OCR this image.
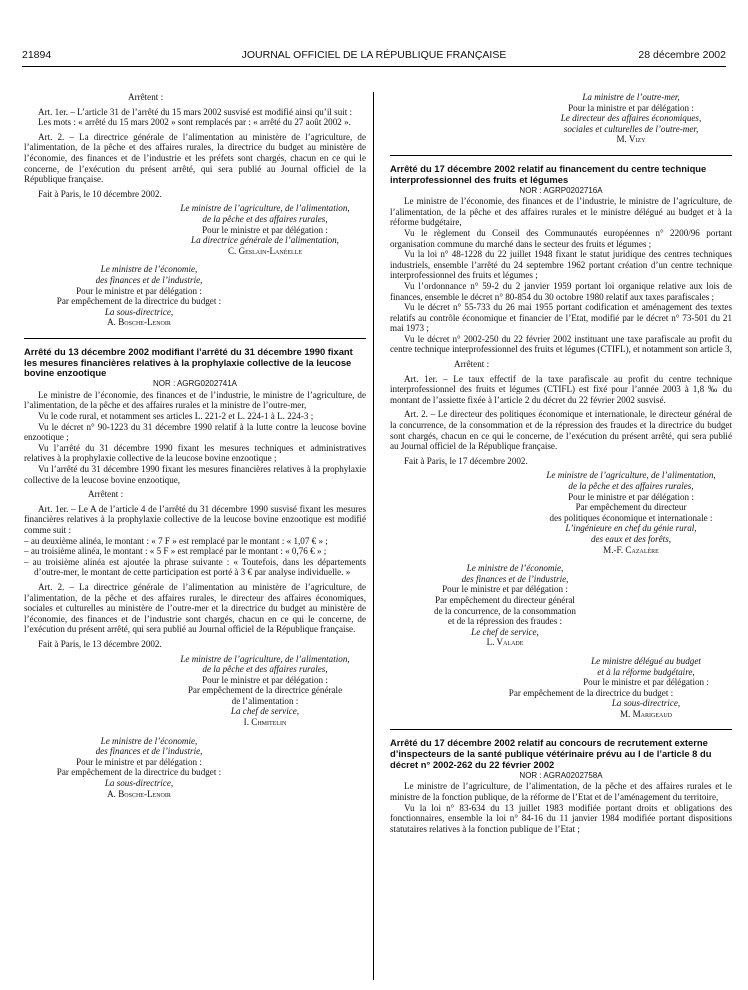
21894	JOURNAL OFFICIEL DE LA RÉPUBLIQUE FRANÇAISE	28 décembre 2002

Arrêtent :

Art. 1er. – L’article 31 de l’arrêté du 15 mars 2002 susvisé est modifié ainsi qu’il suit :

Les mots : « arrêté du 15 mars 2002 » sont remplacés par : « arrêté du 27 août 2002 ».

Art. 2. – La directrice générale de l’alimentation au ministère de l’agriculture, de l’alimentation, de la pêche et des affaires rurales, la directrice du budget au ministère de l’économie, des finances et de l’industrie et les préfets sont chargés, chacun en ce qui le concerne, de l’exécution du présent arrêté, qui sera publié au Journal officiel de la République française.

Fait à Paris, le 10 décembre 2002.

Le ministre de l’agriculture, de l’alimentation,

de la pêche et des affaires rurales,

Pour le ministre et par délégation :

La directrice générale de l’alimentation,

C. Geslain-Lanéelle

Le ministre de l’économie,

des finances et de l’industrie,

Pour le ministre et par délégation :

Par empêchement de la directrice du budget :

La sous-directrice,

A. Bosche-Lenoir

Arrêté du 13 décembre 2002 modifiant l’arrêté du 31 décembre 1990 fixant les mesures financières relatives à la prophylaxie collective de la leucose bovine enzootique

NOR : AGRG0202741A

Le ministre de l’économie, des finances et de l’industrie, le ministre de l’agriculture, de l’alimentation, de la pêche et des affaires rurales et la ministre de l’outre-mer,

Vu le code rural, et notamment ses articles L. 221-2 et L. 224-1 à L. 224-3 ;

Vu le décret n° 90-1223 du 31 décembre 1990 relatif à la lutte contre la leucose bovine enzootique ;

Vu l’arrêté du 31 décembre 1990 fixant les mesures techniques et administratives relatives à la prophylaxie collective de la leucose bovine enzootique ;

Vu l’arrêté du 31 décembre 1990 fixant les mesures financières relatives à la prophylaxie collective de la leucose bovine enzootique,

Arrêtent :

Art. 1er. – Le A de l’article 4 de l’arrêté du 31 décembre 1990 susvisé fixant les mesures financières relatives à la prophylaxie collective de la leucose bovine enzootique est modifié comme suit :

– au deuxième alinéa, le montant : « 7 F » est remplacé par le montant : « 1,07 € » ;

– au troisième alinéa, le montant : « 5 F » est remplacé par le montant : « 0,76 € » ;

– au troisième alinéa est ajoutée la phrase suivante : « Toutefois, dans les départements d’outre-mer, le montant de cette participation est porté à 3 € par analyse individuelle. »

Art. 2. – La directrice générale de l’alimentation au ministère de l’agriculture, de l’alimentation, de la pêche et des affaires rurales, le directeur des affaires économiques, sociales et culturelles au ministère de l’outre-mer et la directrice du budget au ministère de l’économie, des finances et de l’industrie sont chargés, chacun en ce qui le concerne, de l’exécution du présent arrêté, qui sera publié au Journal officiel de la République française.

Fait à Paris, le 13 décembre 2002.

Le ministre de l’agriculture, de l’alimentation,

de la pêche et des affaires rurales,

Pour le ministre et par délégation :

Par empêchement de la directrice générale

de l’alimentation :

La chef de service,

I. Chmitelin

Le ministre de l’économie,

des finances et de l’industrie,

Pour le ministre et par délégation :

Par empêchement de la directrice du budget :

La sous-directrice,

A. Bosche-Lenoir

La ministre de l’outre-mer,

Pour la ministre et par délégation :

Le directeur des affaires économiques,

sociales et culturelles de l’outre-mer,

M. Vizy

Arrêté du 17 décembre 2002 relatif au financement du centre technique interprofessionnel des fruits et légumes

NOR : AGRP0202716A

Le ministre de l’économie, des finances et de l’industrie, le ministre de l’agriculture, de l’alimentation, de la pêche et des affaires rurales et le ministre délégué au budget et à la réforme budgétaire,

Vu le règlement du Conseil des Communautés européennes n° 2200/96 portant organisation commune du marché dans le secteur des fruits et légumes ;

Vu la loi n° 48-1228 du 22 juillet 1948 fixant le statut juridique des centres techniques industriels, ensemble l’arrêté du 24 septembre 1962 portant création d’un centre technique interprofessionnel des fruits et légumes ;

Vu l’ordonnance n° 59-2 du 2 janvier 1959 portant loi organique relative aux lois de finances, ensemble le décret n° 80-854 du 30 octobre 1980 relatif aux taxes parafiscales ;

Vu le décret n° 55-733 du 26 mai 1955 portant codification et aménagement des textes relatifs au contrôle économique et financier de l’Etat, modifié par le décret n° 73-501 du 21 mai 1973 ;

Vu le décret n° 2002-250 du 22 février 2002 instituant une taxe parafiscale au profit du centre technique interprofessionnel des fruits et légumes (CTIFL), et notamment son article 3,

Arrêtent :

Art. 1er. – Le taux effectif de la taxe parafiscale au profit du centre technique interprofessionnel des fruits et légumes (CTIFL) est fixé pour l’année 2003 à 1,8 ‰ du montant de l’assiette fixée à l’article 2 du décret du 22 février 2002 susvisé.

Art. 2. – Le directeur des politiques économique et internationale, le directeur général de la concurrence, de la consommation et de la répression des fraudes et la directrice du budget sont chargés, chacun en ce qui le concerne, de l’exécution du présent arrêté, qui sera publié au Journal officiel de la République française.

Fait à Paris, le 17 décembre 2002.

Le ministre de l’agriculture, de l’alimentation,

de la pêche et des affaires rurales,

Pour le ministre et par délégation :

Par empêchement du directeur

des politiques économique et internationale :

L’ingénieure en chef du génie rural,

des eaux et des forêts,

M.-F. Cazalère

Le ministre de l’économie,

des finances et de l’industrie,

Pour le ministre et par délégation :

Par empêchement du directeur général

de la concurrence, de la consommation

et de la répression des fraudes :

Le chef de service,

L. Valade

Le ministre délégué au budget

et à la réforme budgétaire,

Pour le ministre et par délégation :

Par empêchement de la directrice du budget :

La sous-directrice,

M. Marigeaud

Arrêté du 17 décembre 2002 relatif au concours de recrutement externe d’inspecteurs de la santé publique vétérinaire prévu au I de l’article 8 du décret n° 2002-262 du 22 février 2002

NOR : AGRA0202758A

Le ministre de l’agriculture, de l’alimentation, de la pêche et des affaires rurales et le ministre de la fonction publique, de la réforme de l’Etat et de l’aménagement du territoire,

Vu la loi n° 83-634 du 13 juillet 1983 modifiée portant droits et obligations des fonctionnaires, ensemble la loi n° 84-16 du 11 janvier 1984 modifiée portant dispositions statutaires relatives à la fonction publique de l’Etat ;
